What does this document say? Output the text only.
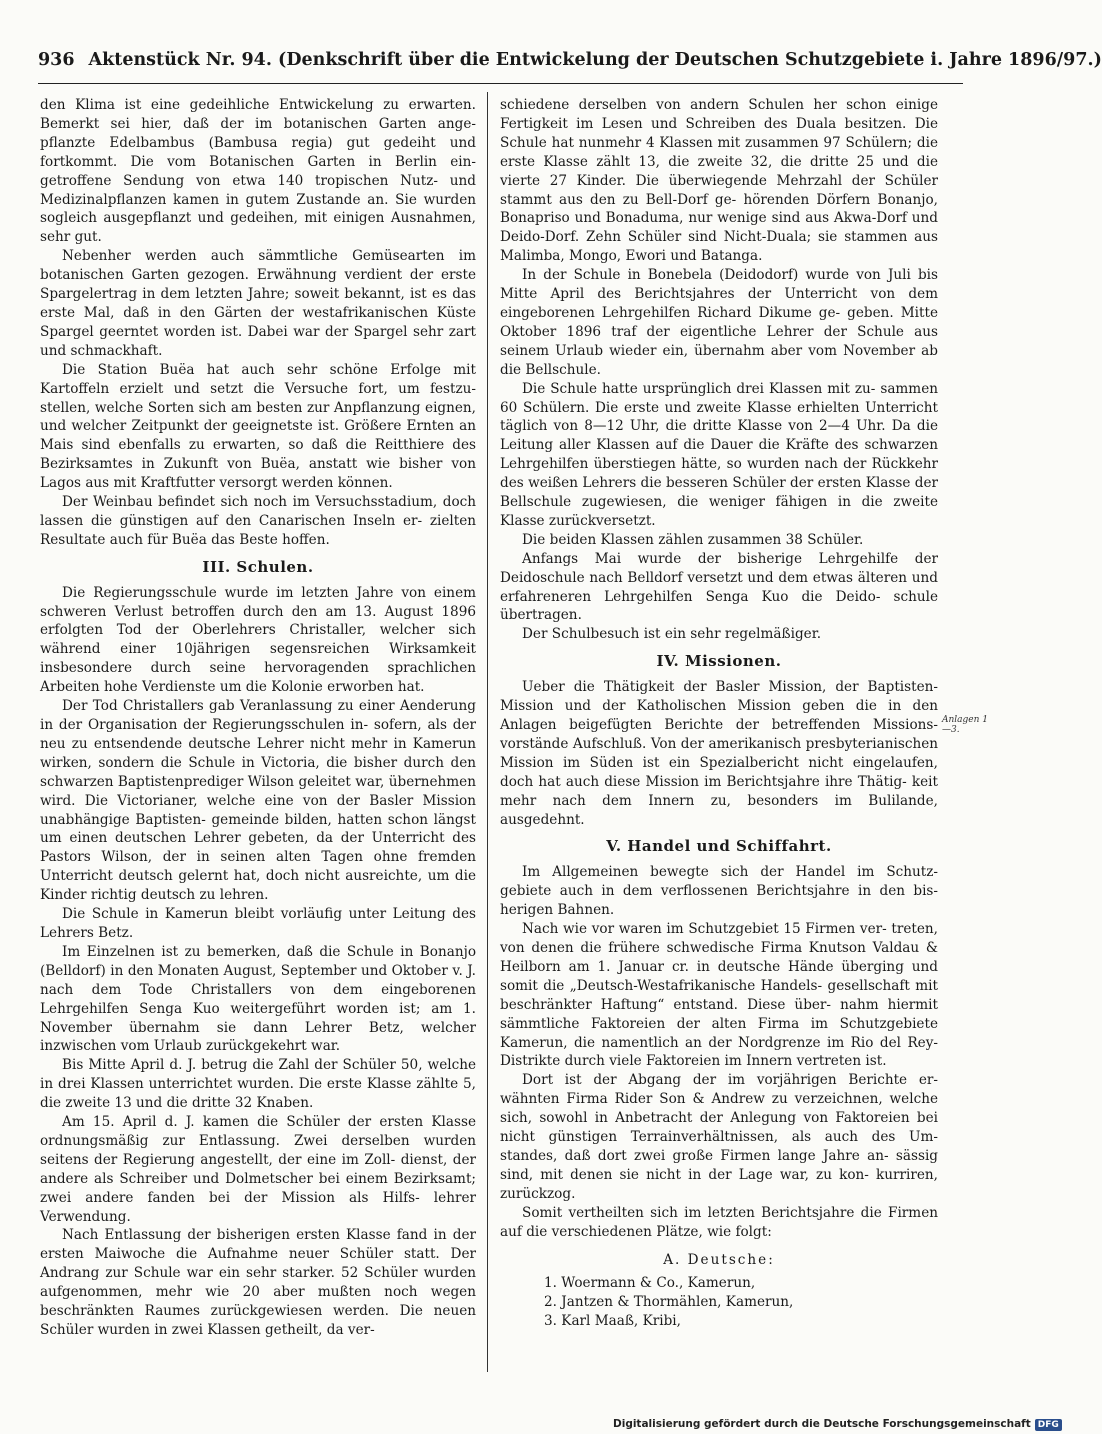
936 Aktenstück Nr. 94. (Denkschrift über die Entwickelung der Deutschen Schutzgebiete i. Jahre 1896/97.)

den Klima ist eine gedeihliche Entwickelung zu erwarten. Bemerkt sei hier, daß der im botanischen Garten ange- pflanzte Edelbambus (Bambusa regia) gut gedeiht und fortkommt. Die vom Botanischen Garten in Berlin ein- getroffene Sendung von etwa 140 tropischen Nutz- und Medizinalpflanzen kamen in gutem Zustande an. Sie wurden sogleich ausgepflanzt und gedeihen, mit einigen Ausnahmen, sehr gut.

Nebenher werden auch sämmtliche Gemüsearten im botanischen Garten gezogen. Erwähnung verdient der erste Spargelertrag in dem letzten Jahre; soweit bekannt, ist es das erste Mal, daß in den Gärten der westafrikanischen Küste Spargel geerntet worden ist. Dabei war der Spargel sehr zart und schmackhaft.

Die Station Buëa hat auch sehr schöne Erfolge mit Kartoffeln erzielt und setzt die Versuche fort, um festzu- stellen, welche Sorten sich am besten zur Anpflanzung eignen, und welcher Zeitpunkt der geeignetste ist. Größere Ernten an Mais sind ebenfalls zu erwarten, so daß die Reitthiere des Bezirksamtes in Zukunft von Buëa, anstatt wie bisher von Lagos aus mit Kraftfutter versorgt werden können.

Der Weinbau befindet sich noch im Versuchsstadium, doch lassen die günstigen auf den Canarischen Inseln er- zielten Resultate auch für Buëa das Beste hoffen.

III. Schulen.

Die Regierungsschule wurde im letzten Jahre von einem schweren Verlust betroffen durch den am 13. August 1896 erfolgten Tod der Oberlehrers Christaller, welcher sich während einer 10jährigen segensreichen Wirksamkeit insbesondere durch seine hervoragenden sprachlichen Arbeiten hohe Verdienste um die Kolonie erworben hat.

Der Tod Christallers gab Veranlassung zu einer Aenderung in der Organisation der Regierungsschulen in- sofern, als der neu zu entsendende deutsche Lehrer nicht mehr in Kamerun wirken, sondern die Schule in Victoria, die bisher durch den schwarzen Baptistenprediger Wilson geleitet war, übernehmen wird. Die Victorianer, welche eine von der Basler Mission unabhängige Baptisten- gemeinde bilden, hatten schon längst um einen deutschen Lehrer gebeten, da der Unterricht des Pastors Wilson, der in seinen alten Tagen ohne fremden Unterricht deutsch gelernt hat, doch nicht ausreichte, um die Kinder richtig deutsch zu lehren.

Die Schule in Kamerun bleibt vorläufig unter Leitung des Lehrers Betz.

Im Einzelnen ist zu bemerken, daß die Schule in Bonanjo (Belldorf) in den Monaten August, September und Oktober v. J. nach dem Tode Christallers von dem eingeborenen Lehrgehilfen Senga Kuo weitergeführt worden ist; am 1. November übernahm sie dann Lehrer Betz, welcher inzwischen vom Urlaub zurückgekehrt war.

Bis Mitte April d. J. betrug die Zahl der Schüler 50, welche in drei Klassen unterrichtet wurden. Die erste Klasse zählte 5, die zweite 13 und die dritte 32 Knaben.

Am 15. April d. J. kamen die Schüler der ersten Klasse ordnungsmäßig zur Entlassung. Zwei derselben wurden seitens der Regierung angestellt, der eine im Zoll- dienst, der andere als Schreiber und Dolmetscher bei einem Bezirksamt; zwei andere fanden bei der Mission als Hilfs- lehrer Verwendung.

Nach Entlassung der bisherigen ersten Klasse fand in der ersten Maiwoche die Aufnahme neuer Schüler statt. Der Andrang zur Schule war ein sehr starker. 52 Schüler wurden aufgenommen, mehr wie 20 aber mußten noch wegen beschränkten Raumes zurückgewiesen werden. Die neuen Schüler wurden in zwei Klassen getheilt, da ver-

schiedene derselben von andern Schulen her schon einige Fertigkeit im Lesen und Schreiben des Duala besitzen. Die Schule hat nunmehr 4 Klassen mit zusammen 97 Schülern; die erste Klasse zählt 13, die zweite 32, die dritte 25 und die vierte 27 Kinder. Die überwiegende Mehrzahl der Schüler stammt aus den zu Bell-Dorf ge- hörenden Dörfern Bonanjo, Bonapriso und Bonaduma, nur wenige sind aus Akwa-Dorf und Deido-Dorf. Zehn Schüler sind Nicht-Duala; sie stammen aus Malimba, Mongo, Ewori und Batanga.

In der Schule in Bonebela (Deidodorf) wurde von Juli bis Mitte April des Berichtsjahres der Unterricht von dem eingeborenen Lehrgehilfen Richard Dikume ge- geben. Mitte Oktober 1896 traf der eigentliche Lehrer der Schule aus seinem Urlaub wieder ein, übernahm aber vom November ab die Bellschule.

Die Schule hatte ursprünglich drei Klassen mit zu- sammen 60 Schülern. Die erste und zweite Klasse erhielten Unterricht täglich von 8—12 Uhr, die dritte Klasse von 2—4 Uhr. Da die Leitung aller Klassen auf die Dauer die Kräfte des schwarzen Lehrgehilfen überstiegen hätte, so wurden nach der Rückkehr des weißen Lehrers die besseren Schüler der ersten Klasse der Bellschule zugewiesen, die weniger fähigen in die zweite Klasse zurückversetzt.

Die beiden Klassen zählen zusammen 38 Schüler.

Anfangs Mai wurde der bisherige Lehrgehilfe der Deidoschule nach Belldorf versetzt und dem etwas älteren und erfahreneren Lehrgehilfen Senga Kuo die Deido- schule übertragen.

Der Schulbesuch ist ein sehr regelmäßiger.

IV. Missionen.

Ueber die Thätigkeit der Basler Mission, der Baptisten- Mission und der Katholischen Mission geben die in den Anlagen beigefügten Berichte der betreffenden Missions- vorstände Aufschluß. Von der amerikanisch presbyterianischen Mission im Süden ist ein Spezialbericht nicht eingelaufen, doch hat auch diese Mission im Berichtsjahre ihre Thätig- keit mehr nach dem Innern zu, besonders im Bulilande, ausgedehnt.

V. Handel und Schiffahrt.

Im Allgemeinen bewegte sich der Handel im Schutz- gebiete auch in dem verflossenen Berichtsjahre in den bis- herigen Bahnen.

Nach wie vor waren im Schutzgebiet 15 Firmen ver- treten, von denen die frühere schwedische Firma Knutson Valdau & Heilborn am 1. Januar cr. in deutsche Hände überging und somit die „Deutsch-Westafrikanische Handels- gesellschaft mit beschränkter Haftung“ entstand. Diese über- nahm hiermit sämmtliche Faktoreien der alten Firma im Schutzgebiete Kamerun, die namentlich an der Nordgrenze im Rio del Rey-Distrikte durch viele Faktoreien im Innern vertreten ist.

Dort ist der Abgang der im vorjährigen Berichte er- wähnten Firma Rider Son & Andrew zu verzeichnen, welche sich, sowohl in Anbetracht der Anlegung von Faktoreien bei nicht günstigen Terrainverhältnissen, als auch des Um- standes, daß dort zwei große Firmen lange Jahre an- sässig sind, mit denen sie nicht in der Lage war, zu kon- kurriren, zurückzog.

Somit vertheilten sich im letzten Berichtsjahre die Firmen auf die verschiedenen Plätze, wie folgt:

A. Deutsche:
1. Woermann & Co., Kamerun,
2. Jantzen & Thormählen, Kamerun,
3. Karl Maaß, Kribi,
Anlagen 1—3.
Digitalisierung gefördert durch die Deutsche Forschungsgemeinschaft DFG
